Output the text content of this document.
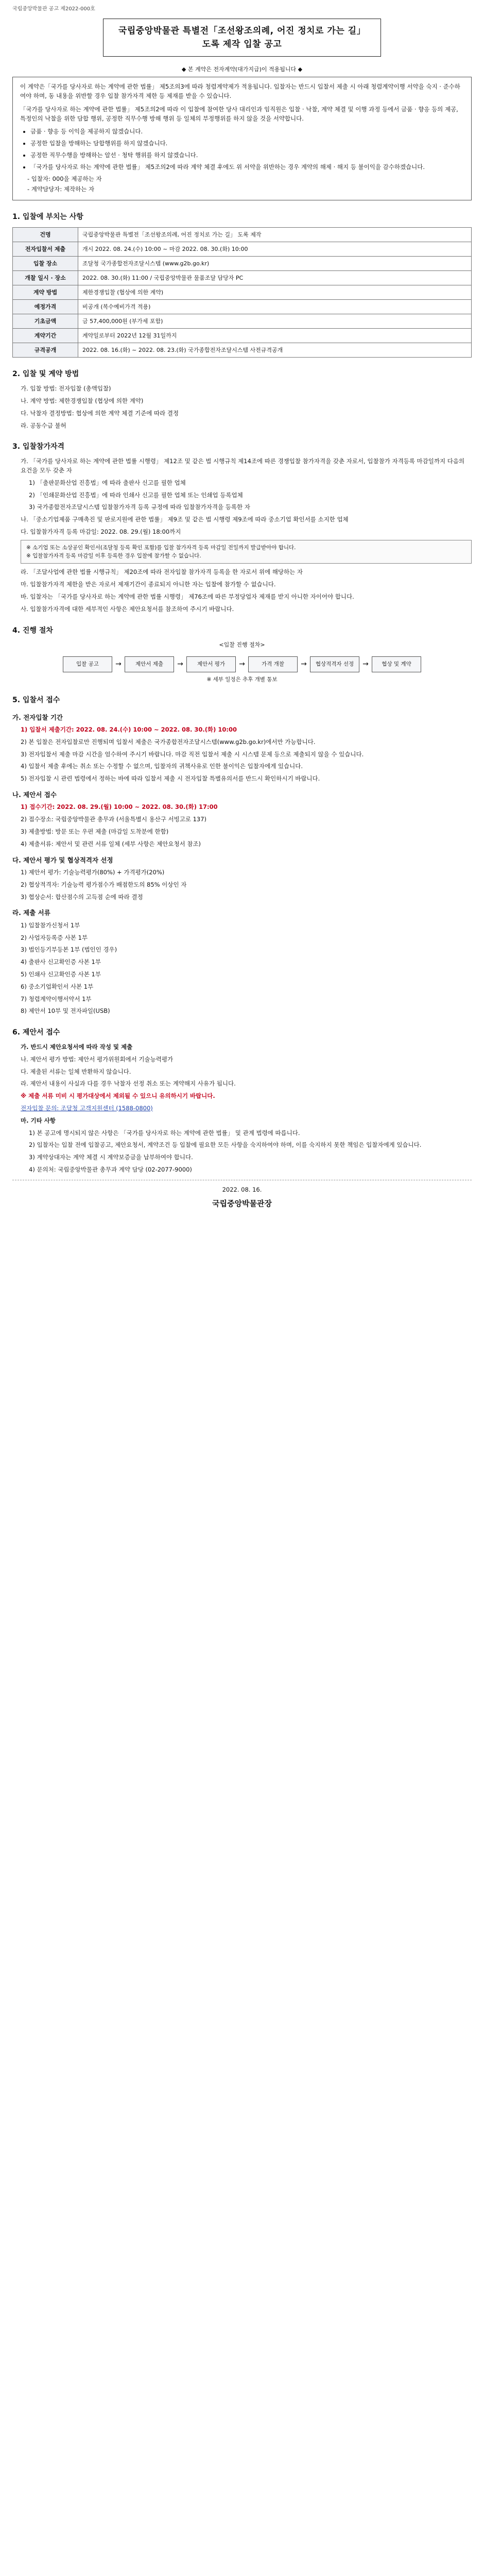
국립중앙박물관 공고 제2022-000호
국립중앙박물관 특별전「조선왕조의례, 어진 정치로 가는 길」
도록 제작 입찰 공고
◆ 본 계약은 전자계약(대가지급)이 적용됩니다 ◆

이 계약은「국가를 당사자로 하는 계약에 관한 법률」 제5조의3에 따라 청렴계약제가 적용됩니다. 입찰자는 반드시 입찰서 제출 시 아래 청렴계약이행 서약을 숙지 · 준수하여야 하며, 동 내용을 위반할 경우 입찰 참가자격 제한 등 제재를 받을 수 있습니다.

「국가를 당사자로 하는 계약에 관한 법률」 제5조의2에 따라 이 입찰에 참여한 당사 대리인과 임직원은 입찰 · 낙찰, 계약 체결 및 이행 과정 등에서 금품 · 향응 등의 제공, 특정인의 낙찰을 위한 담합 행위, 공정한 직무수행 방해 행위 등 일체의 부정행위를 하지 않을 것을 서약합니다.

• 금품 · 향응 등 이익을 제공하지 않겠습니다.
• 공정한 입찰을 방해하는 담합행위를 하지 않겠습니다.
• 공정한 직무수행을 방해하는 알선 · 청탁 행위를 하지 않겠습니다.
• 「국가를 당사자로 하는 계약에 관한 법률」 제5조의2에 따라 계약 체결 후에도 위 서약을 위반하는 경우 계약의 해제 · 해지 등 불이익을 감수하겠습니다.
- 입찰자: 000을 제공하는 자
- 계약담당자: 제작하는 자
1. 입찰에 부치는 사항
건명	국립중앙박물관 특별전「조선왕조의례, 어진 정치로 가는 길」 도록 제작
전자입찰서 제출	개시 2022. 08. 24.(수) 10:00 ~ 마감 2022. 08. 30.(화) 10:00
입찰 장소	조달청 국가종합전자조달시스템 (www.g2b.go.kr)
개찰 일시 · 장소	2022. 08. 30.(화) 11:00 / 국립중앙박물관 물품조달 담당자 PC
계약 방법	제한경쟁입찰 (협상에 의한 계약)
예정가격	비공개 (복수예비가격 적용)
기초금액	금 57,400,000원 (부가세 포함)
계약기간	계약일로부터 2022년 12월 31일까지
규격공개	2022. 08. 16.(화) ~ 2022. 08. 23.(화) 국가종합전자조달시스템 사전규격공개
2. 입찰 및 계약 방법
가. 입찰 방법: 전자입찰 (총액입찰)
나. 계약 방법: 제한경쟁입찰 (협상에 의한 계약)
다. 낙찰자 결정방법: 협상에 의한 계약 체결 기준에 따라 결정
라. 공동수급 불허
3. 입찰참가자격
가. 「국가를 당사자로 하는 계약에 관한 법률 시행령」 제12조 및 같은 법 시행규칙 제14조에 따른 경쟁입찰 참가자격을 갖춘 자로서, 입찰참가 자격등록 마감일까지 다음의 요건을 모두 갖춘 자
1) 「출판문화산업 진흥법」에 따라 출판사 신고를 필한 업체
2) 「인쇄문화산업 진흥법」에 따라 인쇄사 신고를 필한 업체 또는 인쇄업 등록업체
3) 국가종합전자조달시스템 입찰참가자격 등록 규정에 따라 입찰참가자격을 등록한 자
나. 「중소기업제품 구매촉진 및 판로지원에 관한 법률」 제9조 및 같은 법 시행령 제9조에 따라 중소기업 확인서를 소지한 업체
다. 입찰참가자격 등록 마감일: 2022. 08. 29.(월) 18:00까지
※ 소기업 또는 소상공인 확인서(조달청 등록 확인 포함)를 입찰 참가자격 등록 마감일 전일까지 발급받아야 합니다.
※ 입찰참가자격 등록 마감일 이후 등록한 경우 입찰에 참가할 수 없습니다.
라. 「조달사업에 관한 법률 시행규칙」 제20조에 따라 전자입찰 참가자격 등록을 한 자로서 위에 해당하는 자
마. 입찰참가자격 제한을 받은 자로서 제재기간이 종료되지 아니한 자는 입찰에 참가할 수 없습니다.
바. 입찰자는 「국가를 당사자로 하는 계약에 관한 법률 시행령」 제76조에 따른 부정당업자 제재를 받지 아니한 자이어야 합니다.
사. 입찰참가자격에 대한 세부적인 사항은 제안요청서를 참조하여 주시기 바랍니다.
4. 진행 절차
<입찰 진행 절차>
입찰 공고	→	제안서 제출	→	제안서 평가	→	가격 개찰	→	협상적격자 선정	→	협상 및 계약
※ 세부 일정은 추후 개별 통보
5. 입찰서 접수
가. 전자입찰 기간
1) 입찰서 제출기간: 2022. 08. 24.(수) 10:00 ~ 2022. 08. 30.(화) 10:00
2) 본 입찰은 전자입찰로만 진행되며 입찰서 제출은 국가종합전자조달시스템(www.g2b.go.kr)에서만 가능합니다.
3) 전자입찰서 제출 마감 시간을 엄수하여 주시기 바랍니다. 마감 직전 입찰서 제출 시 시스템 문제 등으로 제출되지 않을 수 있습니다.
4) 입찰서 제출 후에는 취소 또는 수정할 수 없으며, 입찰자의 귀책사유로 인한 불이익은 입찰자에게 있습니다.
5) 전자입찰 시 관련 법령에서 정하는 바에 따라 입찰서 제출 시 전자입찰 특별유의서를 반드시 확인하시기 바랍니다.
나. 제안서 접수
1) 접수기간: 2022. 08. 29.(월) 10:00 ~ 2022. 08. 30.(화) 17:00
2) 접수장소: 국립중앙박물관 총무과 (서울특별시 용산구 서빙고로 137)
3) 제출방법: 방문 또는 우편 제출 (마감일 도착분에 한함)
4) 제출서류: 제안서 및 관련 서류 일체 (세부 사항은 제안요청서 참조)
다. 제안서 평가 및 협상적격자 선정
1) 제안서 평가: 기술능력평가(80%) + 가격평가(20%)
2) 협상적격자: 기술능력 평가점수가 배점한도의 85% 이상인 자
3) 협상순서: 합산점수의 고득점 순에 따라 결정
라. 제출 서류
1) 입찰참가신청서 1부
2) 사업자등록증 사본 1부
3) 법인등기부등본 1부 (법인인 경우)
4) 출판사 신고확인증 사본 1부
5) 인쇄사 신고확인증 사본 1부
6) 중소기업확인서 사본 1부
7) 청렴계약이행서약서 1부
8) 제안서 10부 및 전자파일(USB)
6. 제안서 접수
가. 반드시 제안요청서에 따라 작성 및 제출
나. 제안서 평가 방법: 제안서 평가위원회에서 기술능력평가
다. 제출된 서류는 일체 반환하지 않습니다.
라. 제안서 내용이 사실과 다를 경우 낙찰자 선정 취소 또는 계약해지 사유가 됩니다.
※ 제출 서류 미비 시 평가대상에서 제외될 수 있으니 유의하시기 바랍니다.
전자입찰 문의: 조달청 고객지원센터 (1588-0800)
마. 기타 사항
1) 본 공고에 명시되지 않은 사항은 「국가를 당사자로 하는 계약에 관한 법률」 및 관계 법령에 따릅니다.
2) 입찰자는 입찰 전에 입찰공고, 제안요청서, 계약조건 등 입찰에 필요한 모든 사항을 숙지하여야 하며, 이를 숙지하지 못한 책임은 입찰자에게 있습니다.
3) 계약상대자는 계약 체결 시 계약보증금을 납부하여야 합니다.
4) 문의처: 국립중앙박물관 총무과 계약 담당 (02-2077-9000)
2022. 08. 16.
국립중앙박물관장
